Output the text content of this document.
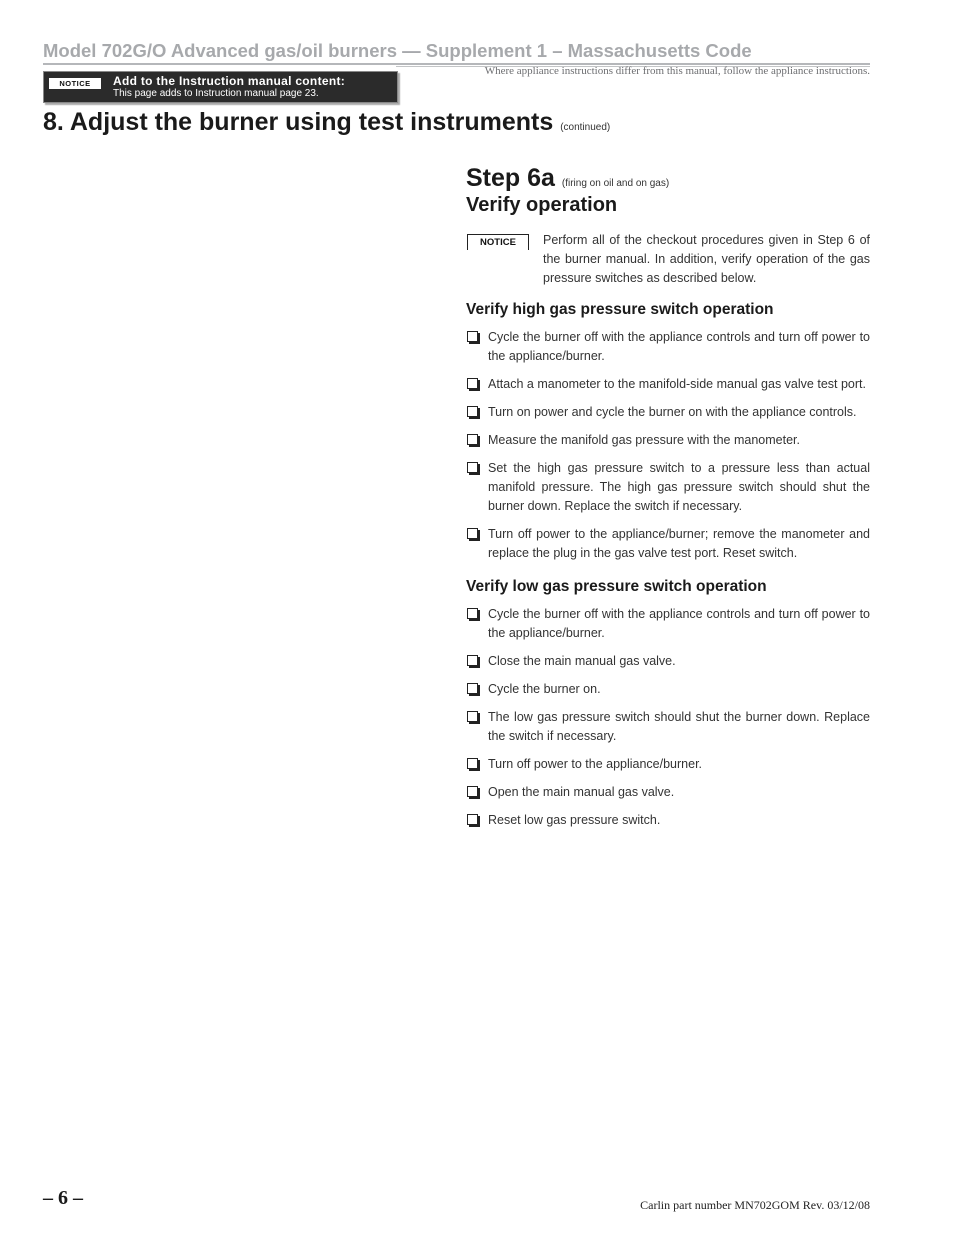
Model 702G/O Advanced gas/oil burners — Supplement 1 – Massachusetts Code
Where appliance instructions differ from this manual, follow the appliance instructions.
NOTICE	Add to the Instruction manual content:
This page adds to Instruction manual page 23.
8. Adjust the burner using test instruments (continued)
Step 6a (firing on oil and on gas)
Verify operation
NOTICE	Perform all of the checkout procedures given in Step 6 of the burner manual. In addition, verify operation of the gas pressure switches as described below.
Verify high gas pressure switch operation
Cycle the burner off with the appliance controls and turn off power to the appliance/burner.
Attach a manometer to the manifold-side manual gas valve test port.
Turn on power and cycle the burner on with the appliance controls.
Measure the manifold gas pressure with the manometer.
Set the high gas pressure switch to a pressure less than actual manifold pressure. The high gas pressure switch should shut the burner down. Replace the switch if necessary.
Turn off power to the appliance/burner; remove the manometer and replace the plug in the gas valve test port. Reset switch.
Verify low gas pressure switch operation
Cycle the burner off with the appliance controls and turn off power to the appliance/burner.
Close the main manual gas valve.
Cycle the burner on.
The low gas pressure switch should shut the burner down. Replace the switch if necessary.
Turn off power to the appliance/burner.
Open the main manual gas valve.
Reset low gas pressure switch.
– 6 –	Carlin part number MN702GOM Rev. 03/12/08
